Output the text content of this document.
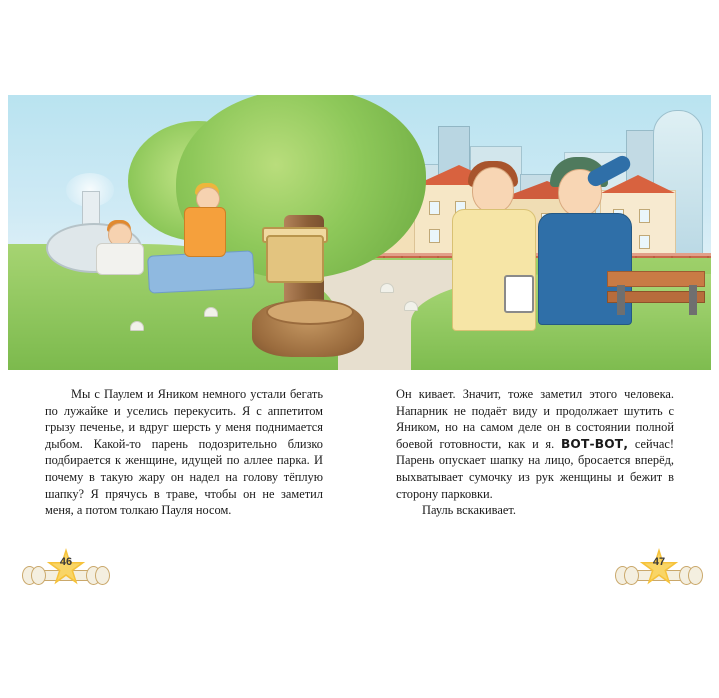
Мы с Паулем и Яником немного устали бегать по лужайке и уселись перекусить. Я с аппетитом грызу печенье, и вдруг шерсть у меня поднимается дыбом. Какой-то парень подозрительно близко подбирается к женщине, идущей по аллее парка. И почему в такую жару он надел на голову тёплую шапку? Я прячусь в траве, чтобы он не заметил меня, а потом толкаю Пауля носом.

Он кивает. Значит, тоже заметил этого человека. Напарник не подаёт виду и продолжает шутить с Яником, но на самом деле он в состоянии полной боевой готовности, как и я. ВОТ-ВОТ, сейчас! Парень опускает шапку на лицо, бросается вперёд, выхватывает сумочку из рук женщины и бежит в сторону парковки.

Пауль вскакивает.

46	47
